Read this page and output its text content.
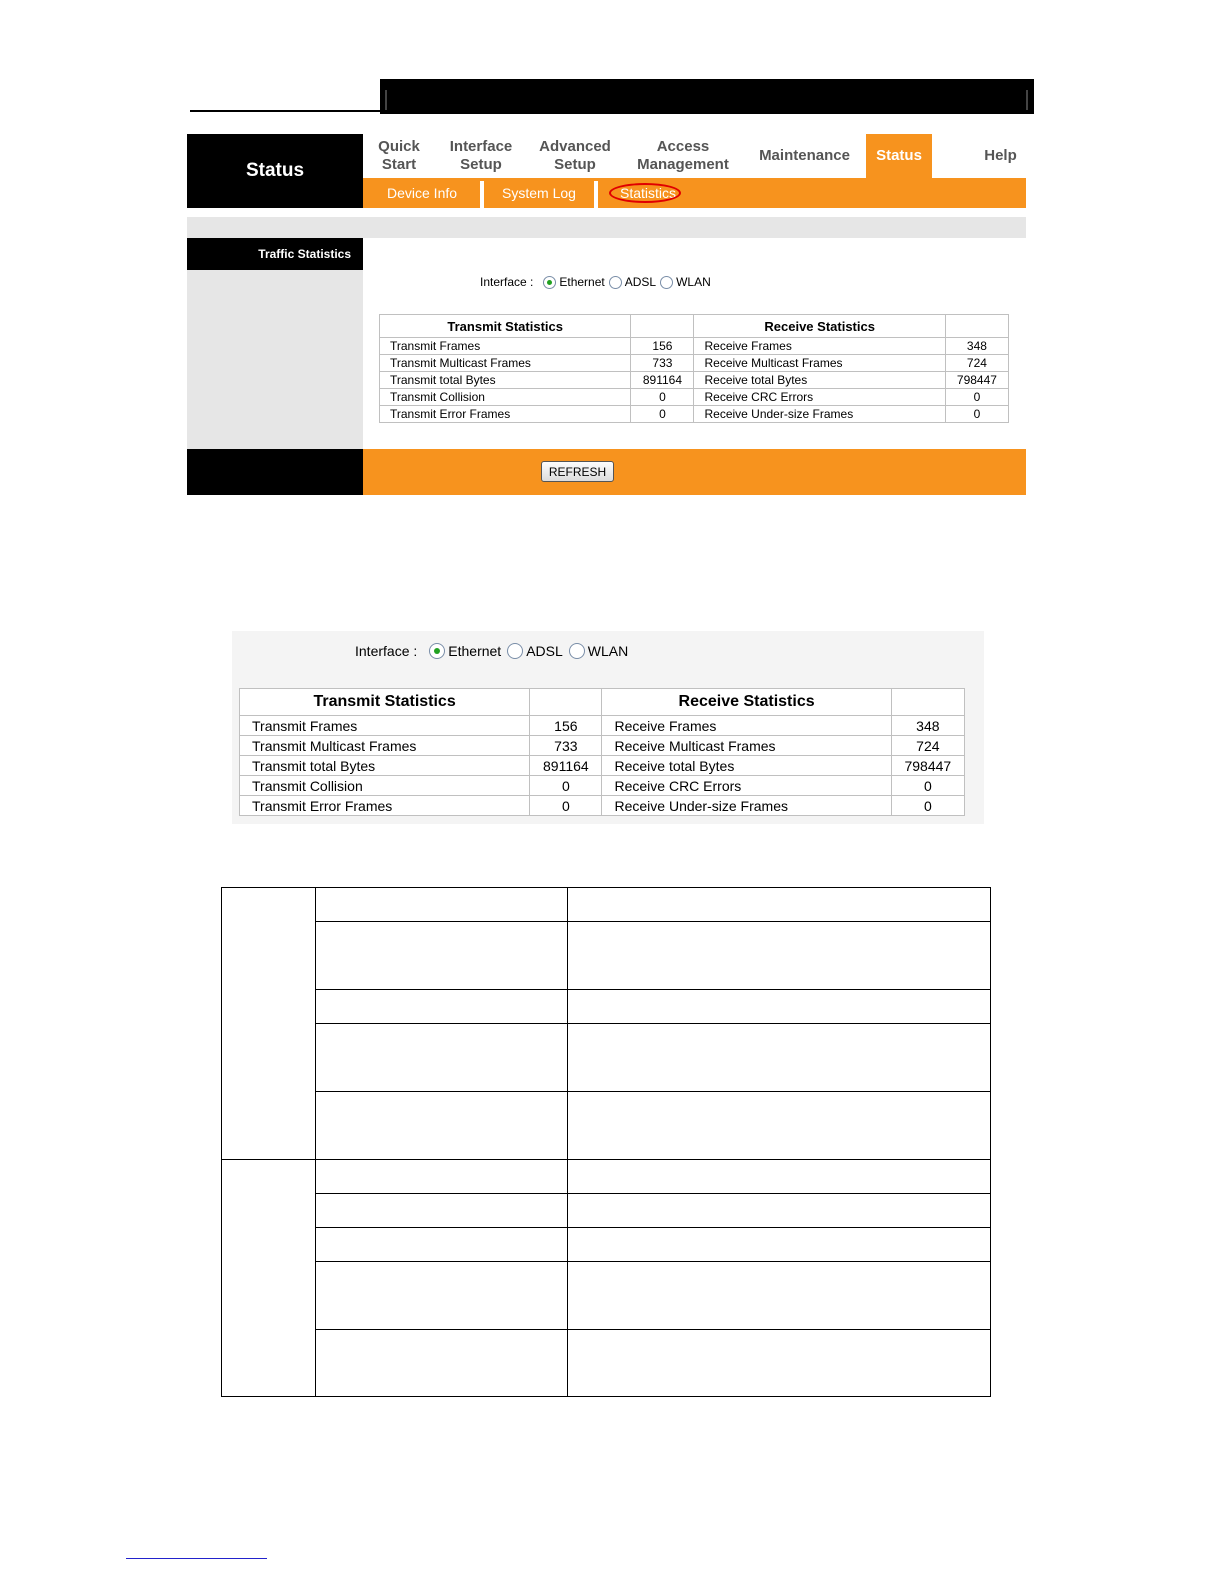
Status
Quick
Start
Interface
Setup
Advanced
Setup
Access
Management
Maintenance Status	Help
Device Info	System Log	Statistics
Traffic Statistics
Interface : Ethernet ADSL WLAN
Transmit Statistics		Receive Statistics	
Transmit Frames	156	Receive Frames	348
Transmit Multicast Frames	733	Receive Multicast Frames	724
Transmit total Bytes	891164	Receive total Bytes	798447
Transmit Collision	0	Receive CRC Errors	0
Transmit Error Frames	0	Receive Under-size Frames	0
REFRESH
Interface : Ethernet ADSL WLAN
Transmit Statistics		Receive Statistics	
Transmit Frames	156	Receive Frames	348
Transmit Multicast Frames	733	Receive Multicast Frames	724
Transmit total Bytes	891164	Receive total Bytes	798447
Transmit Collision	0	Receive CRC Errors	0
Transmit Error Frames	0	Receive Under-size Frames	0
